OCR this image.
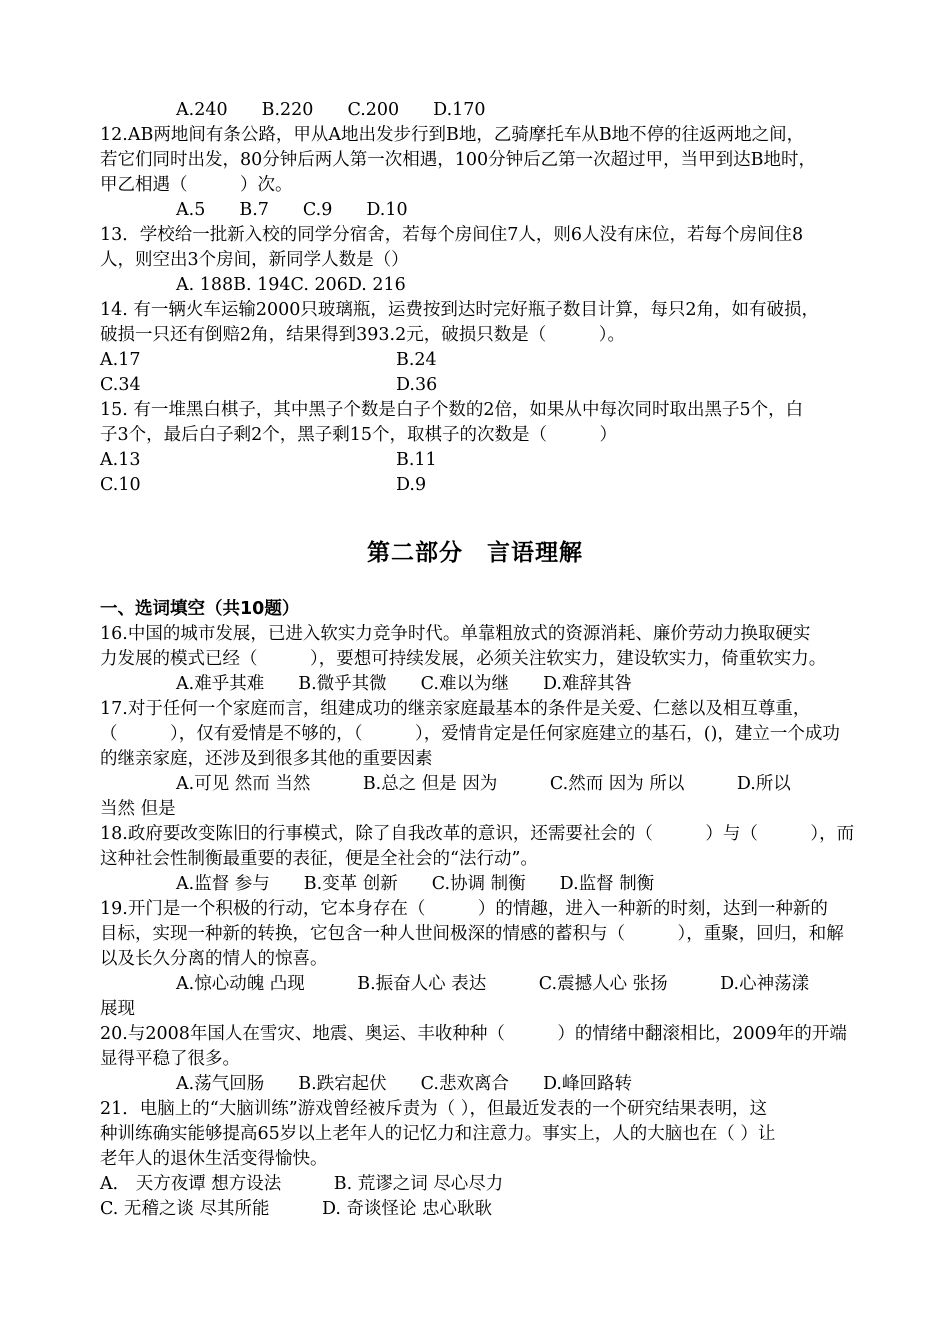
A.240 B.220 C.200 D.170
12.AB两地间有条公路，甲从A地出发步行到B地，乙骑摩托车从B地不停的往返两地之间，
若它们同时出发，80分钟后两人第一次相遇，100分钟后乙第一次超过甲，当甲到达B地时，
甲乙相遇（　　　）次。
A.5 B.7 C.9 D.10
13．学校给一批新入校的同学分宿舍，若每个房间住7人，则6人没有床位，若每个房间住8
人，则空出3个房间，新同学人数是（）
A. 188B. 194C. 206D. 216
14. 有一辆火车运输2000只玻璃瓶，运费按到达时完好瓶子数目计算，每只2角，如有破损，
破损一只还有倒赔2角，结果得到393.2元，破损只数是（　　　）。
A.17	B.24
C.34	D.36
15. 有一堆黑白棋子，其中黑子个数是白子个数的2倍，如果从中每次同时取出黑子5个，白
子3个，最后白子剩2个，黑子剩15个，取棋子的次数是（　　　）
A.13	B.11
C.10	D.9
第二部分　言语理解
一、选词填空（共10题）
16.中国的城市发展，已进入软实力竞争时代。单靠粗放式的资源消耗、廉价劳动力换取硬实
力发展的模式已经（　　　），要想可持续发展，必须关注软实力，建设软实力，倚重软实力。
A.难乎其难 B.微乎其微 C.难以为继 D.难辞其咎
17.对于任何一个家庭而言，组建成功的继亲家庭最基本的条件是关爱、仁慈以及相互尊重，
（　　　），仅有爱情是不够的，（　　　），爱情肯定是任何家庭建立的基石，()，建立一个成功
的继亲家庭，还涉及到很多其他的重要因素
A.可见 然而 当然　　　B.总之 但是 因为　　　C.然而 因为 所以　　　D.所以
当然 但是
18.政府要改变陈旧的行事模式，除了自我改革的意识，还需要社会的（　　　）与（　　　），而
这种社会性制衡最重要的表征，便是全社会的“法行动”。
A.监督 参与 B.变革 创新 C.协调 制衡 D.监督 制衡
19.开门是一个积极的行动，它本身存在（　　　）的情趣，进入一种新的时刻，达到一种新的
目标，实现一种新的转换，它包含一种人世间极深的情感的蓄积与（　　　），重聚，回归，和解
以及长久分离的情人的惊喜。
A.惊心动魄 凸现　　　B.振奋人心 表达　　　C.震撼人心 张扬　　　D.心神荡漾
展现
20.与2008年国人在雪灾、地震、奥运、丰收种种（　　　）的情绪中翻滚相比，2009年的开端
显得平稳了很多。
A.荡气回肠 B.跌宕起伏 C.悲欢离合 D.峰回路转
21．电脑上的“大脑训练”游戏曾经被斥责为（ ），但最近发表的一个研究结果表明，这
种训练确实能够提高65岁以上老年人的记忆力和注意力。事实上，人的大脑也在（ ）让
老年人的退休生活变得愉快。
A． 天方夜谭 想方设法　　　B. 荒谬之词 尽心尽力
C. 无稽之谈 尽其所能　　　D. 奇谈怪论 忠心耿耿
